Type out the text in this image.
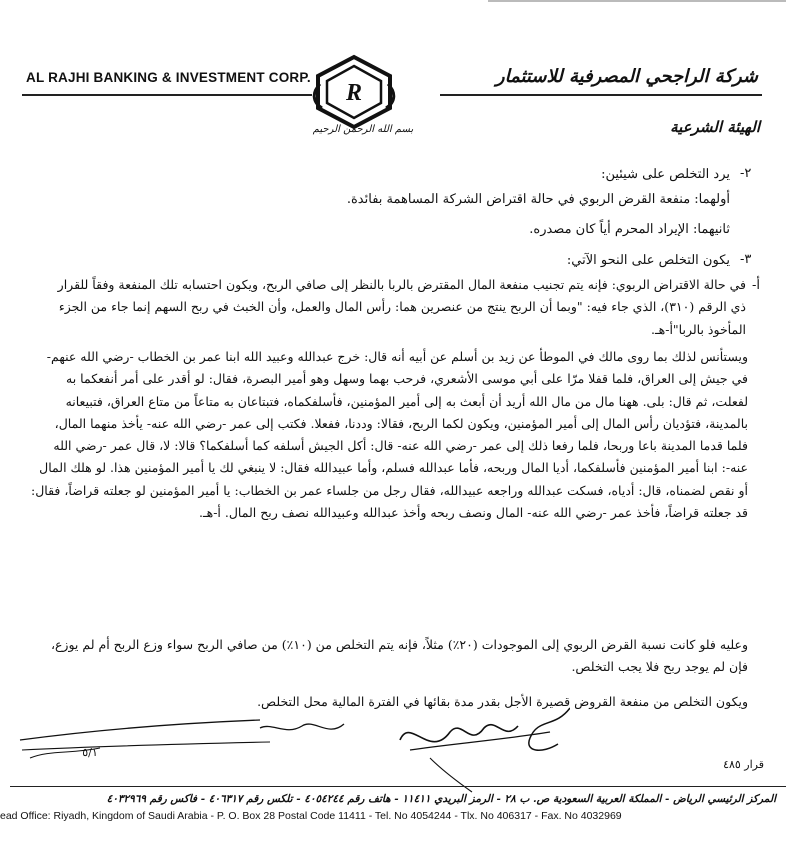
AL RAJHI BANKING & INVESTMENT CORP.	شركة الراجحي المصرفية للاستثمار
R
بسم الله الرحمن الرحيم	الهيئة الشرعية
-٢
يرد التخلص على شيئين:
أولهما: منفعة القرض الربوي في حالة اقتراض الشركة المساهمة بفائدة.
ثانيهما: الإيراد المحرم أياً كان مصدره.
-٣
يكون التخلص على النحو الآتي:
-أ
في حالة الاقتراض الربوي: فإنه يتم تجنيب منفعة المال المقترض بالربا بالنظر إلى صافي الربح، ويكون احتسابه تلك المنفعة وفقاً للقرار ذي الرقم (٣١٠)، الذي جاء فيه: "وبما أن الربح ينتج من عنصرين هما: رأس المال والعمل، وأن الخبث في ربح السهم إنما جاء من الجزء المأخوذ بالربا"أ-هـ.
ويستأنس لذلك بما روى مالك في الموطأ عن زيد بن أسلم عن أبيه أنه قال: خرج عبدالله وعبيد الله ابنا عمر بن الخطاب -رضي الله عنهم- في جيش إلى العراق، فلما قفلا مرّا على أبي موسى الأشعري، فرحب بهما وسهل وهو أمير البصرة، فقال: لو أقدر على أمر أنفعكما به لفعلت، ثم قال: بلى. ههنا مال من مال الله أريد أن أبعث به إلى أمير المؤمنين، فأسلفكماه، فتبتاعان به متاعاً من متاع العراق، فتبيعانه بالمدينة، فتؤديان رأس المال إلى أمير المؤمنين، ويكون لكما الربح، فقالا: وددنا، ففعلا. فكتب إلى عمر -رضي الله عنه- يأخذ منهما المال، فلما قدما المدينة باعا وربحا، فلما رفعا ذلك إلى عمر -رضي الله عنه- قال: أكل الجيش أسلفه كما أسلفكما؟ قالا: لا، قال عمر -رضي الله عنه-: ابنا أمير المؤمنين فأسلفكما، أديا المال وربحه، فأما عبدالله فسلم، وأما عبيدالله فقال: لا ينبغي لك يا أمير المؤمنين هذا. لو هلك المال أو نقص لضمناه، قال: أدياه، فسكت عبدالله وراجعه عبيدالله، فقال رجل من جلساء عمر بن الخطاب: يا أمير المؤمنين لو جعلته قراضاً، فقال: قد جعلته قراضاً، فأخذ عمر -رضي الله عنه- المال ونصف ربحه وأخذ عبدالله وعبيدالله نصف ربح المال. أ-هـ.
وعليه فلو كانت نسبة القرض الربوي إلى الموجودات (٢٠٪) مثلاً، فإنه يتم التخلص من (١٠٪) من صافي الربح سواء وزع الربح أم لم يوزع، فإن لم يوجد ربح فلا يجب التخلص.
ويكون التخلص من منفعة القروض قصيرة الأجل بقدر مدة بقائها في الفترة المالية محل التخلص.
٥/١
قرار ٤٨٥
المركز الرئيسي الرياض - المملكة العربية السعودية ص. ب ٢٨ - الرمز البريدي ١١٤١١ - هاتف رقم ٤٠٥٤٢٤٤ - تلكس رقم ٤٠٦٣١٧ - فاكس رقم ٤٠٣٢٩٦٩
ead Office: Riyadh, Kingdom of Saudi Arabia - P. O. Box 28 Postal Code 11411 - Tel. No 4054244 - Tlx. No 406317 - Fax. No 4032969
